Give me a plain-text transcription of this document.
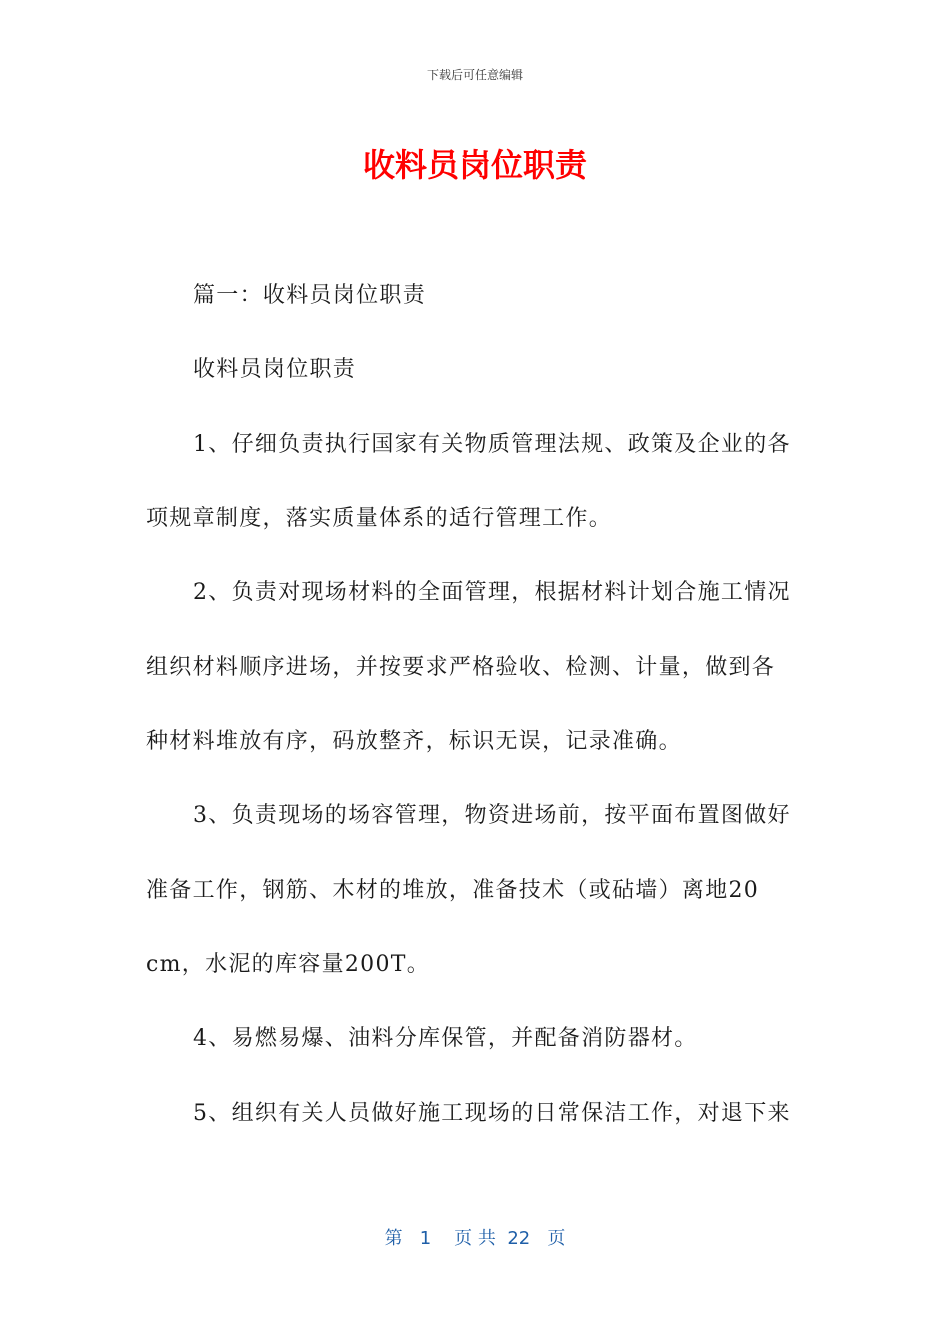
下载后可任意编辑
收料员岗位职责

篇一：收料员岗位职责

收料员岗位职责

1、仔细负责执行国家有关物质管理法规、政策及企业的各

项规章制度，落实质量体系的适行管理工作。

2、负责对现场材料的全面管理，根据材料计划合施工情况

组织材料顺序进场，并按要求严格验收、检测、计量，做到各

种材料堆放有序，码放整齐，标识无误，记录准确。

3、负责现场的场容管理，物资进场前，按平面布置图做好

准备工作，钢筋、木材的堆放，准备技术（或砧墙）离地20

cm，水泥的库容量200T。

4、易燃易爆、油料分库保管，并配备消防器材。

5、组织有关人员做好施工现场的日常保洁工作，对退下来

第 1 页 共 22 页
